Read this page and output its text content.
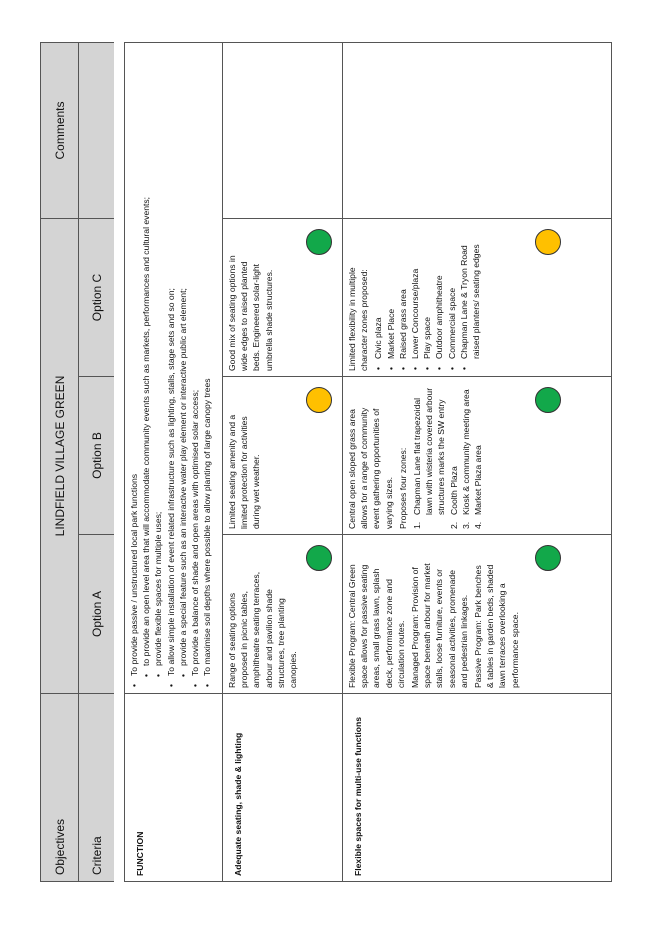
Objectives
LINDFIELD VILLAGE GREEN
Comments
Criteria
Option A
Option B
Option C
FUNCTION
• To provide passive / unstructured local park functions • to provide an open level area that will accommodate community events such as markets, performances and cultural events; • provide flexible spaces for multiple uses; • To allow simple installation of event related infrastructure such as lighting, stalls, stage sets and so on; • provide a special feature such as an interactive water play element or interactive public art element; • To provide a balance of shade and open areas with optimised solar access; • To maximise soil depths where possible to allow planting of large canopy trees
Adequate seating, shade & lighting
Range of seating options proposed in picnic tables, amphitheatre seating terraces, arbour and pavilion shade structures, tree planting canopies.
Limited seating amenity and a limited protection for activities during wet weather.
Good mix of seating options in wide edges to raised planted beds. Engineered solar-light umbrella shade structures.
Flexible spaces for multi-use functions

Flexible Program: Central Green space allows for passive seating areas, small grass lawn, splash deck, performance zone and circulation routes. Managed Program: Provision of space beneath arbour for market stalls, loose furniture, events or seasonal activities, promenade and pedestrian linkages. Passive Program: Park benches & tables in garden beds, shaded lawn terraces overlooking a performance space.

Central open sloped grass area allows for a range of community event gathering opportunities of varying sizes. Proposes four zones: 1.
Chapman Lane flat trapezoidal lawn with wisteria covered arbour structures marks the SW entry
2.
Coolth Plaza
3.
Kiosk & community meeting area
4.
Market Plaza area

Limited flexibility in multiple character zones proposed: • Civic plaza • Market Place • Raised grass area • Lower Concourse/plaza • Play space • Outdoor amphitheatre • Commercial space • Chapman Lane & Tryon Road raised planters/ seating edges
